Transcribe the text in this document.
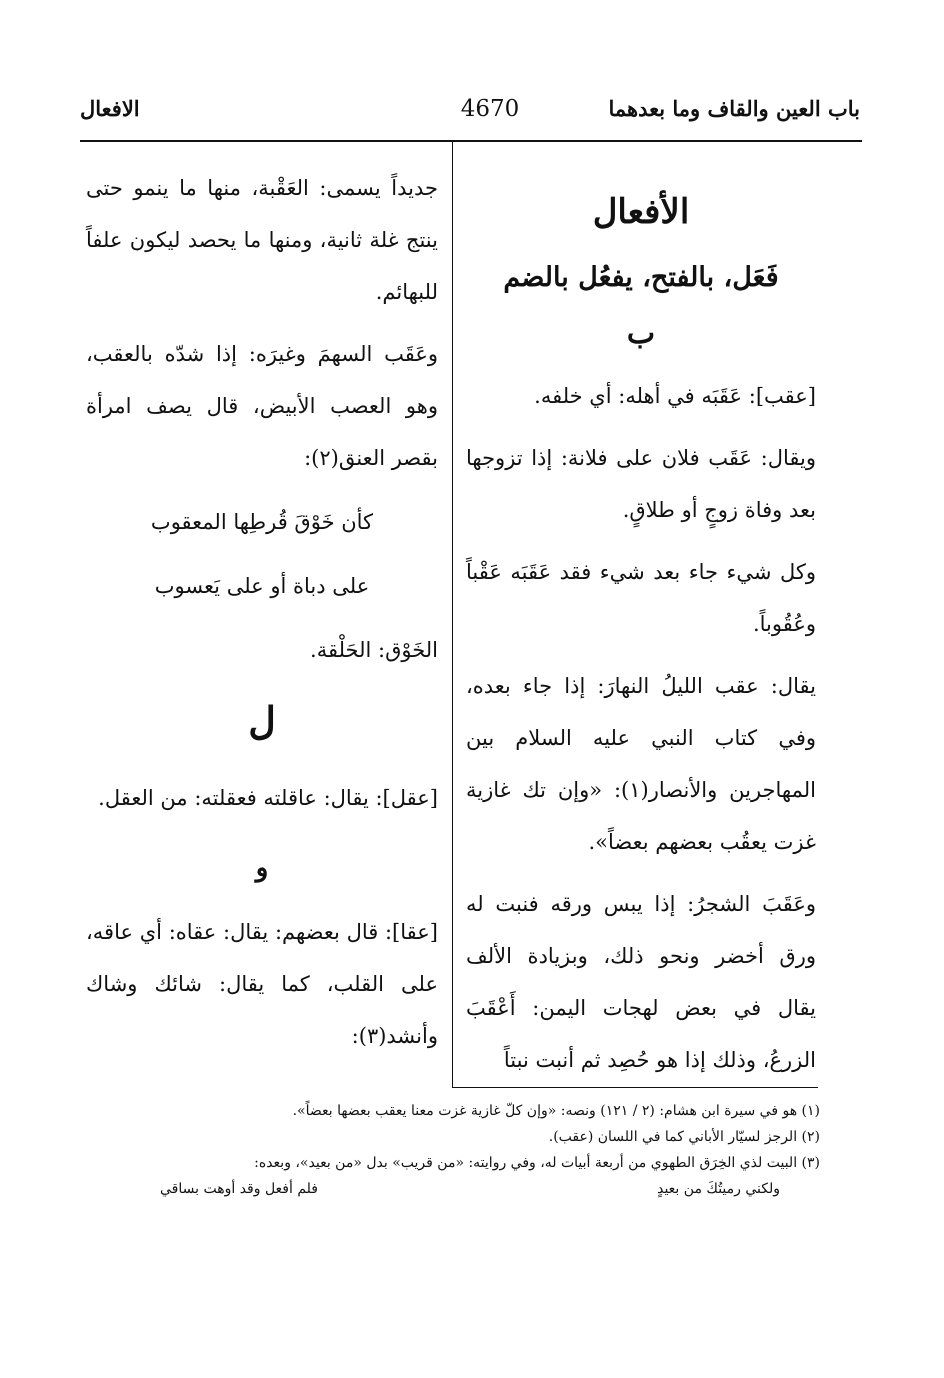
باب العين والقاف وما بعدهما
4670
الافعال
الأفعال
فَعَل، بالفتح، يفعُل بالضم
ب

[عقب]: عَقَبَه في أهله: أي خلفه.

ويقال: عَقَب فلان على فلانة: إذا تزوجها بعد وفاة زوجٍ أو طلاقٍ.

وكل شيء جاء بعد شيء فقد عَقَبَه عَقْباً وعُقُوباً.

يقال: عقب الليلُ النهارَ: إذا جاء بعده، وفي كتاب النبي عليه السلام بين المهاجرين والأنصار(١): «وإن تك غازية غزت يعقُب بعضهم بعضاً».

وعَقَبَ الشجرُ: إذا يبس ورقه فنبت له ورق أخضر ونحو ذلك، وبزيادة الألف يقال في بعض لهجات اليمن: أَعْقَبَ الزرعُ، وذلك إذا هو حُصِد ثم أنبت نبتاً

جديداً يسمى: العَقْبة، منها ما ينمو حتى ينتج غلة ثانية، ومنها ما يحصد ليكون علفاً للبهائم.

وعَقَب السهمَ وغيرَه: إذا شدّه بالعقب، وهو العصب الأبيض، قال يصف امرأة بقصر العنق(٢):

كأن خَوْقَ قُرطِها المعقوب
على دباة أو على يَعسوب

الخَوْق: الحَلْقة.

ل

[عقل]: يقال: عاقلته فعقلته: من العقل.

و

[عقا]: قال بعضهم: يقال: عقاه: أي عاقه، على القلب، كما يقال: شائك وشاك وأنشد(٣):

(١) هو في سيرة ابن هشام: (٢ / ١٢١) ونصه: «وإن كلّ غازية غزت معنا يعقب بعضها بعضاً».

(٢) الرجز لسيّار الأباني كما في اللسان (عقب).

(٣) البيت لذي الخِرَق الطهوي من أربعة أبيات له، وفي روايته: «من قريب» بدل «من بعيد»، وبعده:

ولكني رميتُكَ من بعيدٍ
فلم أفعل وقد أوهت بساقي
